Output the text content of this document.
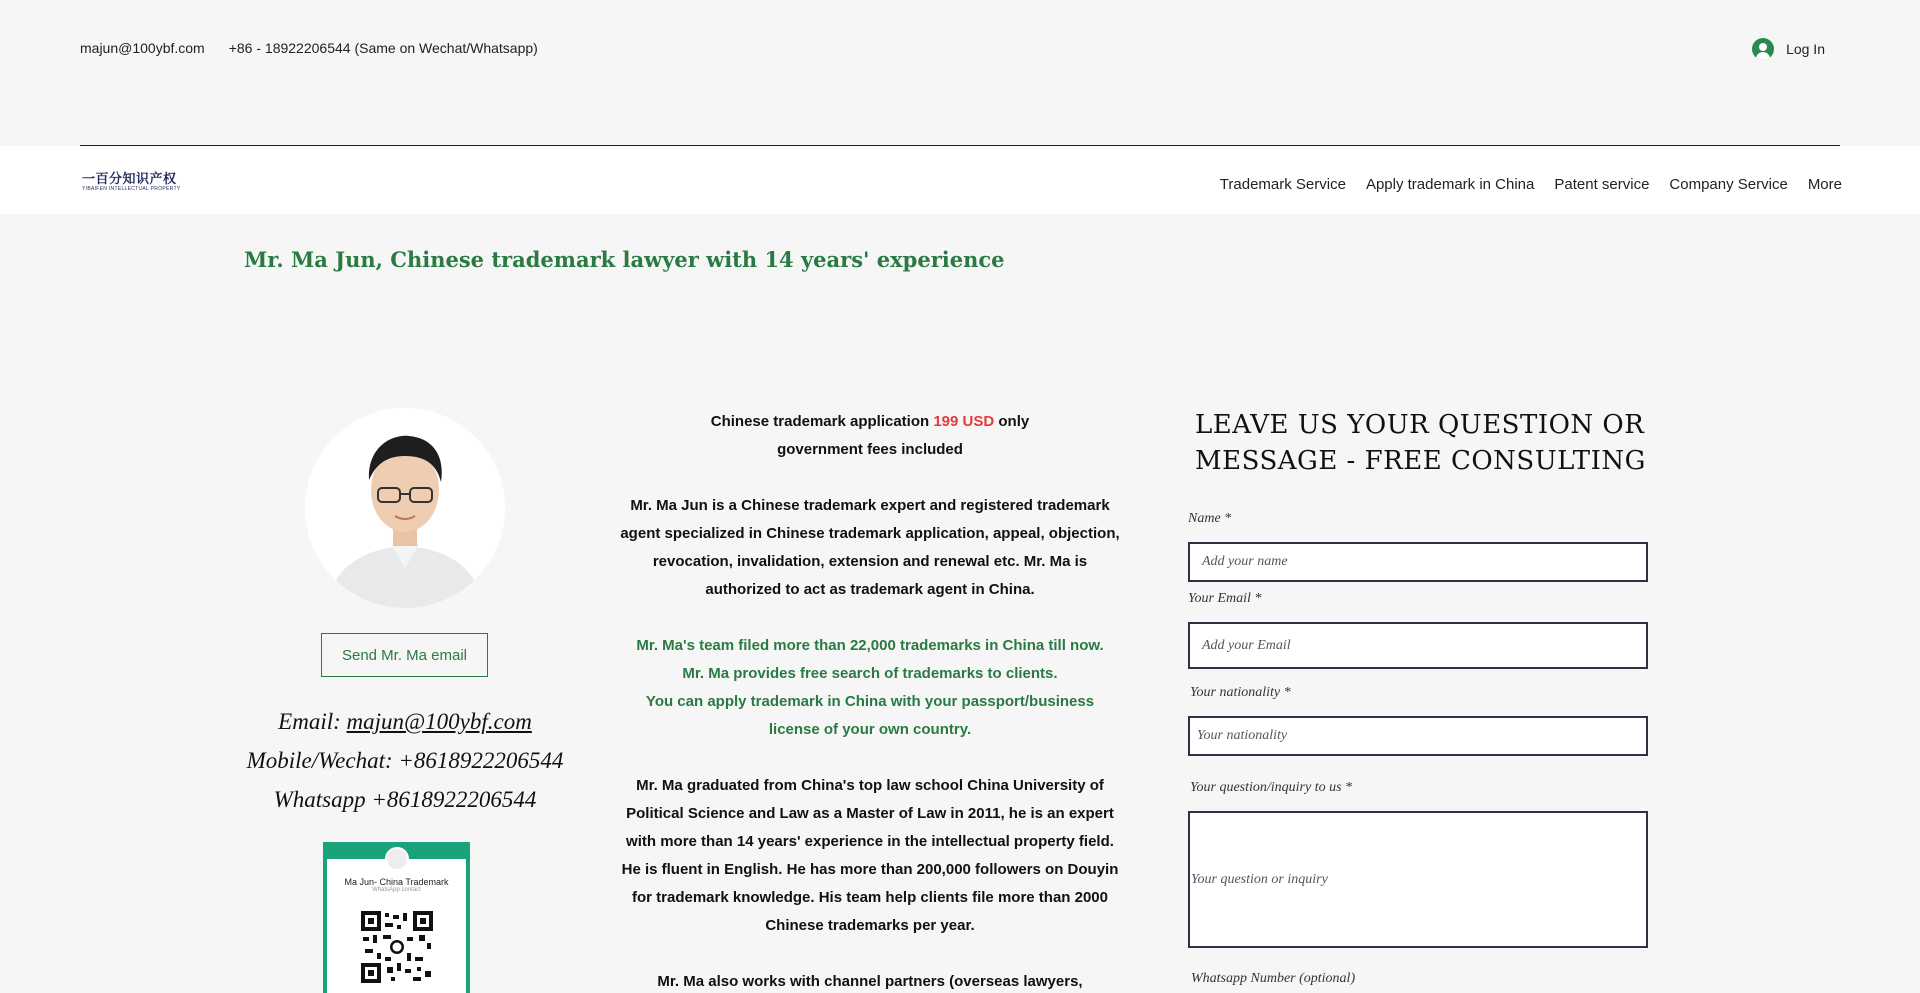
majun@100ybf.com +86 - 18922206544 (Same on Wechat/Whatsapp)	Log In
一百分知识产权
YIBAIFEN INTELLECTUAL PROPERTY	Trademark Service Apply trademark in China Patent service Company Service More
Mr. Ma Jun, Chinese trademark lawyer with 14 years' experience
Send Mr. Ma email
Email: majun@100ybf.com
Mobile/Wechat: +8618922206544
Whatsapp +8618922206544
Ma Jun- China Trademark
WhatsApp contact

Chinese trademark application 199 USD only
government fees included

Mr. Ma Jun is a Chinese trademark expert and registered trademark agent specialized in Chinese trademark application, appeal, objection, revocation, invalidation, extension and renewal etc. Mr. Ma is authorized to act as trademark agent in China.

Mr. Ma's team filed more than 22,000 trademarks in China till now.
Mr. Ma provides free search of trademarks to clients.
You can apply trademark in China with your passport/business license of your own country.

Mr. Ma graduated from China's top law school China University of Political Science and Law as a Master of Law in 2011, he is an expert with more than 14 years' experience in the intellectual property field. He is fluent in English. He has more than 200,000 followers on Douyin for trademark knowledge. His team help clients file more than 2000 Chinese trademarks per year.

Mr. Ma also works with channel partners (overseas lawyers,

LEAVE US YOUR QUESTION OR MESSAGE - FREE CONSULTING
Name *
Add your name
Your Email *
Add your Email
Your nationality *
Your nationality
Your question/inquiry to us *
Your question or inquiry
Whatsapp Number (optional)
